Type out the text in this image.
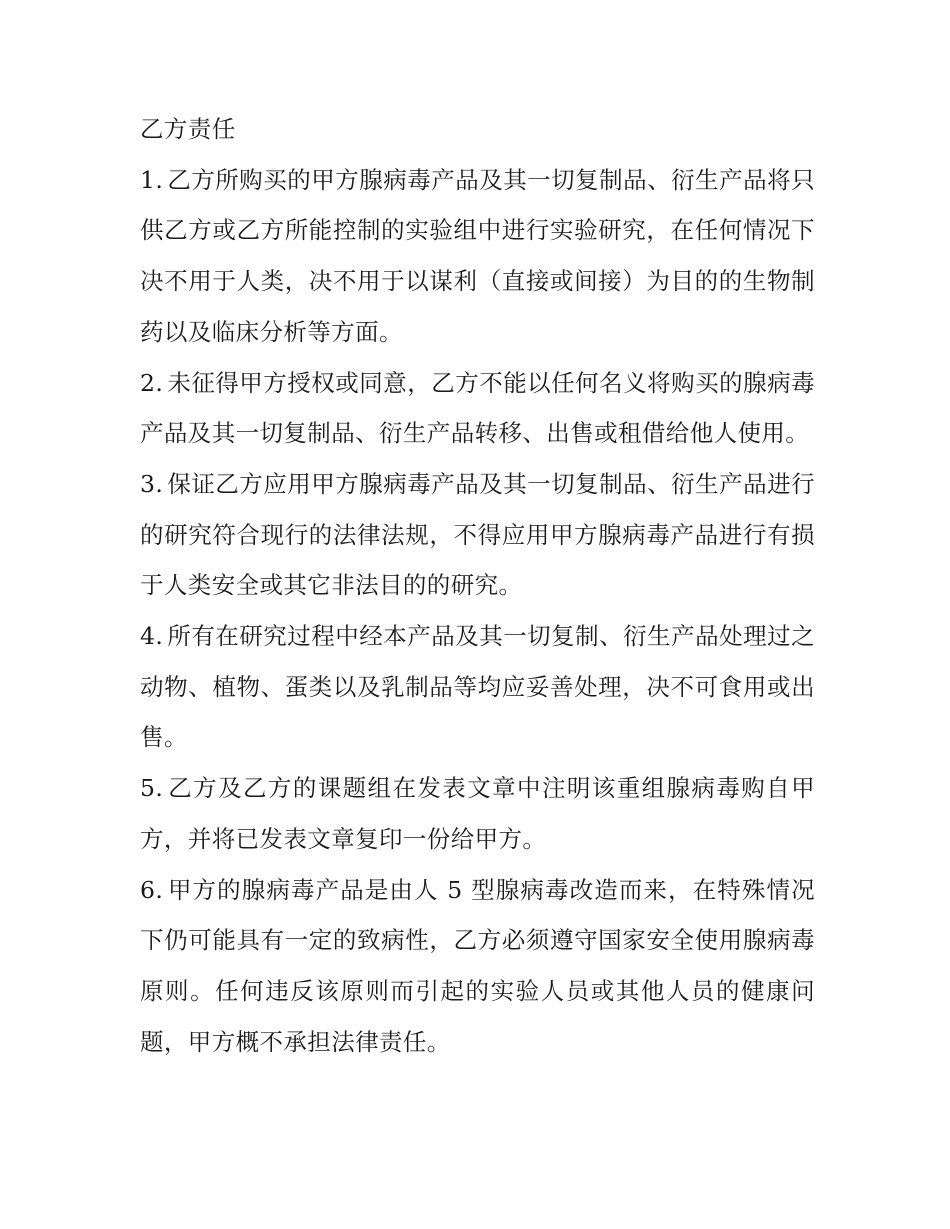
乙方责任

1. 乙方所购买的甲方腺病毒产品及其一切复制品、衍生产品将只供乙方或乙方所能控制的实验组中进行实验研究，在任何情况下决不用于人类，决不用于以谋利（直接或间接）为目的的生物制药以及临床分析等方面。

2. 未征得甲方授权或同意，乙方不能以任何名义将购买的腺病毒产品及其一切复制品、衍生产品转移、出售或租借给他人使用。

3. 保证乙方应用甲方腺病毒产品及其一切复制品、衍生产品进行的研究符合现行的法律法规，不得应用甲方腺病毒产品进行有损于人类安全或其它非法目的的研究。

4. 所有在研究过程中经本产品及其一切复制、衍生产品处理过之动物、植物、蛋类以及乳制品等均应妥善处理，决不可食用或出售。

5. 乙方及乙方的课题组在发表文章中注明该重组腺病毒购自甲方，并将已发表文章复印一份给甲方。

6. 甲方的腺病毒产品是由人 5 型腺病毒改造而来，在特殊情况下仍可能具有一定的致病性，乙方必须遵守国家安全使用腺病毒原则。任何违反该原则而引起的实验人员或其他人员的健康问题，甲方概不承担法律责任。
